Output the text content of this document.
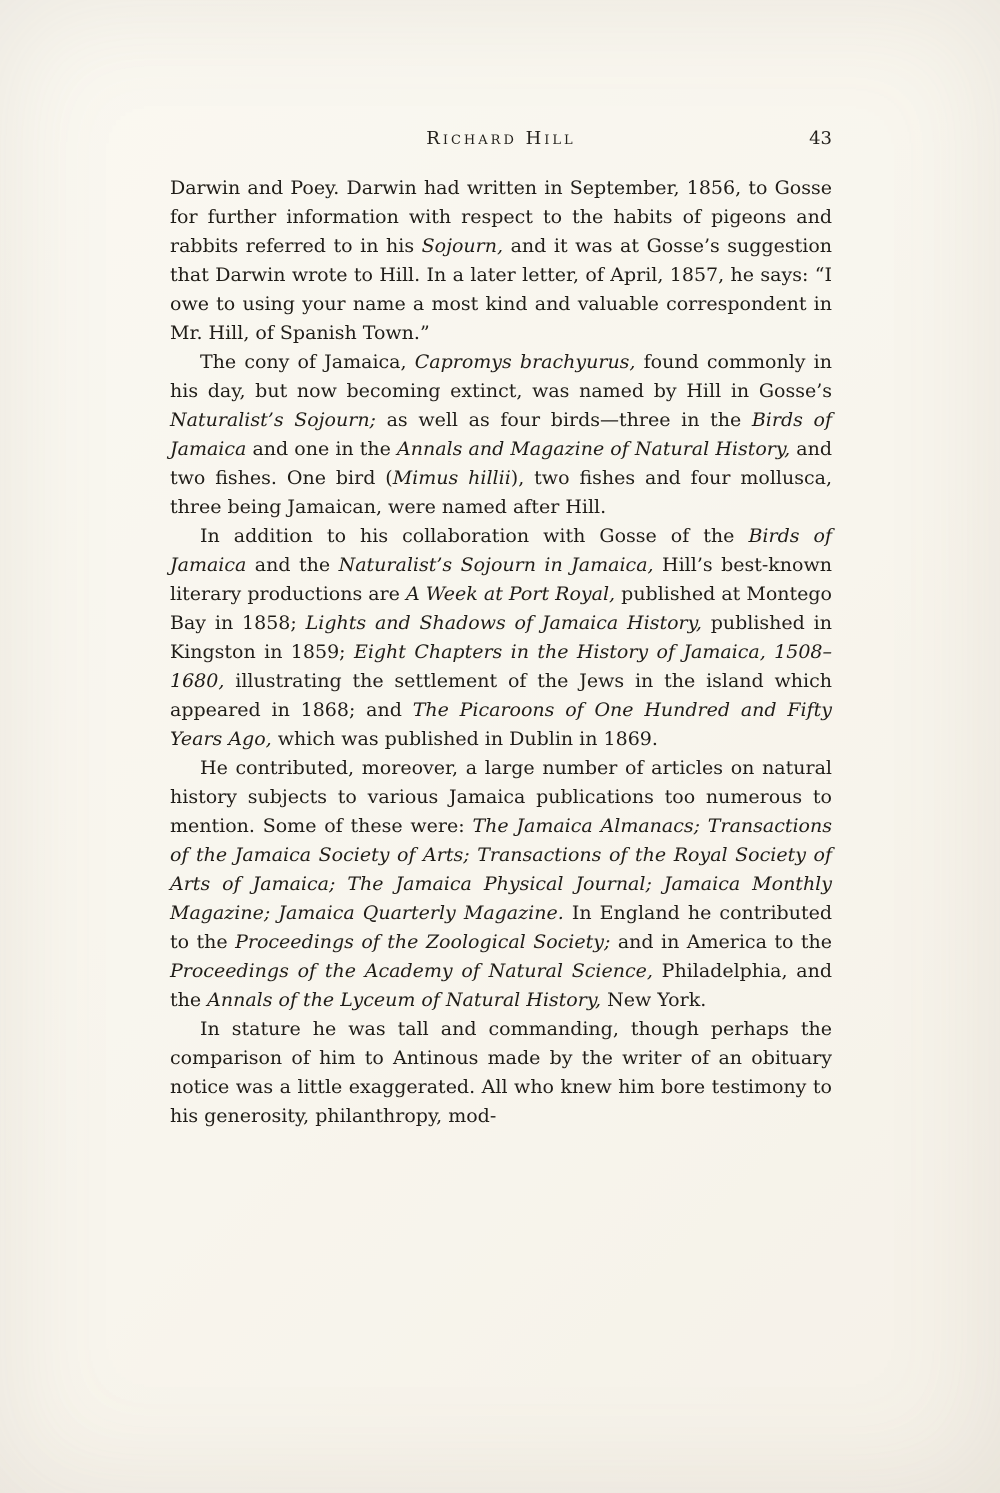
Richard Hill	43

Darwin and Poey. Darwin had written in September, 1856, to Gosse for further information with respect to the habits of pigeons and rabbits referred to in his Sojourn, and it was at Gosse’s suggestion that Darwin wrote to Hill. In a later letter, of April, 1857, he says: “I owe to using your name a most kind and valuable correspondent in Mr. Hill, of Spanish Town.”

The cony of Jamaica, Capromys brachyurus, found commonly in his day, but now becoming extinct, was named by Hill in Gosse’s Naturalist’s Sojourn; as well as four birds—three in the Birds of Jamaica and one in the Annals and Magazine of Natural History, and two fishes. One bird (Mimus hillii), two fishes and four mollusca, three being Jamaican, were named after Hill.

In addition to his collaboration with Gosse of the Birds of Jamaica and the Naturalist’s Sojourn in Jamaica, Hill’s best-known literary productions are A Week at Port Royal, published at Montego Bay in 1858; Lights and Shadows of Jamaica History, published in Kingston in 1859; Eight Chapters in the History of Jamaica, 1508–1680, illustrating the settlement of the Jews in the island which appeared in 1868; and The Picaroons of One Hundred and Fifty Years Ago, which was published in Dublin in 1869.

He contributed, moreover, a large number of articles on natural history subjects to various Jamaica publications too numerous to mention. Some of these were: The Jamaica Almanacs; Transactions of the Jamaica Society of Arts; Transactions of the Royal Society of Arts of Jamaica; The Jamaica Physical Journal; Jamaica Monthly Magazine; Jamaica Quarterly Magazine. In England he contributed to the Proceedings of the Zoological Society; and in America to the Proceedings of the Academy of Natural Science, Philadelphia, and the Annals of the Lyceum of Natural History, New York.

In stature he was tall and commanding, though perhaps the comparison of him to Antinous made by the writer of an obituary notice was a little exaggerated. All who knew him bore testimony to his generosity, philanthropy, mod-
